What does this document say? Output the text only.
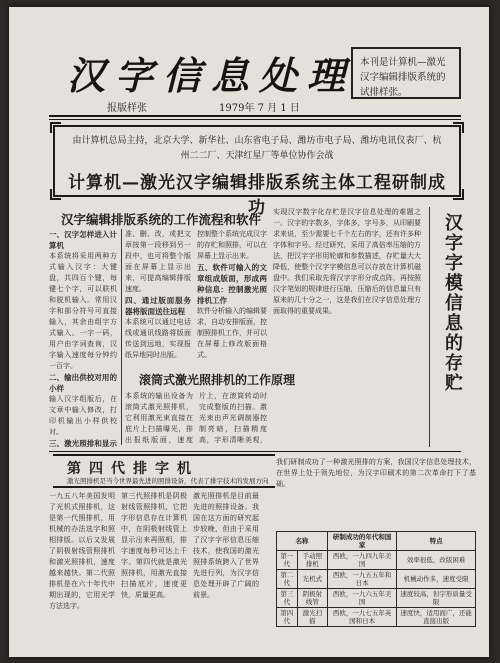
汉字信息处理
报版样张	1979年 7 月 1 日
本刊是计算机—激光汉字编辑排版系统的试排样张。
由计算机总局主持，北京大学、新华社、山东省电子局、潍坊市电子局、潍坊电讯仪表厂、杭州二二厂、天津红星厂等单位协作会战
计算机—激光汉字编辑排版系统主体工程研制成功
汉字编辑排版系统的工作流程和软件
一、汉字怎样进入计算机
本系统将采用两种方式输入汉字：大键盘，共四百个键，每键七个字，可以联机和脱机输入。常用汉字和部分符号可直接输入，其余由组字方式输入。一字一码，用户由字词查询，汉字输入速度每分钟约一百字。
二、输出供校对用的小样
输入汉字组版后，在文章中输入修改，打印机输出小样供校对。
三、激光照排和显示
准、删、改，或把文章按第一段移到另一段中，也可将整个版面在屏幕上显示出来，可提高编辑排版速度。
四、通过版面服务器将版面送往远程
本系统可以通过电话线或通讯线路将版面传送到远地，实现报纸异地同时出版。
控制整个系统完成汉字的存贮和照排，可以在屏幕上显示出来。
五、软件可输入的文章组成版面，形成两种信息：控制激光照排机工作
软件分析输入的编辑要求，自动安排版面，控制照排机工作，并可以在屏幕上修改版面格式。
实现汉字数字化存贮是汉字信息处理的难题之一。汉字的字数多，字体多，字号多，从印刷要求来说，至少需要七千个左右的字，还有许多种字体和字号。经过研究，采用了高倍率压缩的方法，把汉字字形用轮廓和参数描述，存贮量大大降低，使整个汉字字模信息可以存放在计算机磁盘中。我们采取先将汉字字形分成点阵，再按照汉字笔划的规律进行压缩，压缩后的信息量只有原来的几十分之一，这是我们在汉字信息处理方面取得的重要成果。	汉字字模信息的存贮
滚筒式激光照排机的工作原理
本系统的输出设备为滚筒式激光照排机，它利用激光束直接在底片上扫描曝光，排出报纸版面，速度
片上，在滚筒转动时完成整版的扫描。激光束由声光调制器控制亮暗，扫描精度高，字形清晰美观，
第四代排字机
激光照排机是当今世界最先进的照排设备，代表了排字技术的发展方向
一九五八年美国发明了光机式照排机，这是第一代照排机，用机械的办法选字和照相排版。以后又发展了阴极射线管照排机和激光照排机，速度越来越快。第二代照排机是在六十年代中期出现的，它用光学方法选字。
第三代照排机是阴极射线管照排机，它把字形信息存在计算机中，在阴极射线管上显示出来再照相，排字速度每秒可达上千字。第四代就是激光照排机，用激光直接扫描底片，速度更快，质量更高。
激光照排机是目前最先进的照排设备。我国在这方面的研究起步较晚，但由于采用了汉字字形信息压缩技术，使我国的激光照排系统跨入了世界先进行列，为汉字信息处理开辟了广阔的前景。
我们研制成功了一种激光照排的方案，我国汉字信息处理技术，在世界上处于领先地位，为汉字印刷术的第二次革命打下了基础。
名称		研制成功的年代和国家	特点
第一代	手动照排机	西欧，一九四九年美国	效率很低，改版困难
第二代	光机式	西欧，一九五五年和日本	机械动作多，速度受限
第三代	阴极射线管	西欧，一九六五年美国	速度较高，但字形质量受限
第四代	激光扫描	西欧，一九七五年英国和日本	速度快，适用面广，还能直接出版
